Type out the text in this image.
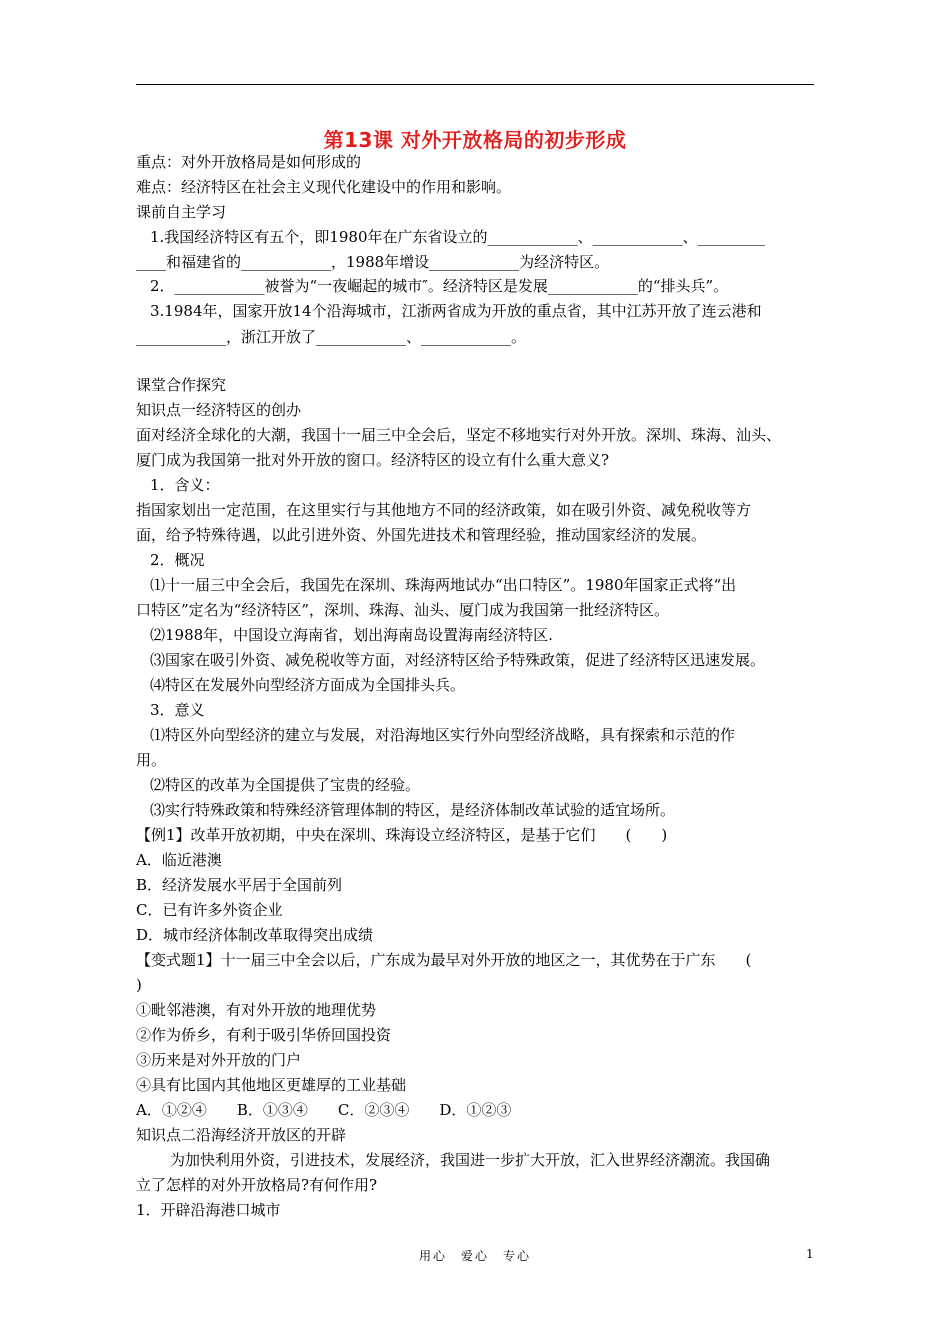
第13课 对外开放格局的初步形成
重点：对外开放格局是如何形成的
难点：经济特区在社会主义现代化建设中的作用和影响。
课前自主学习
1.我国经济特区有五个，即1980年在广东省设立的____________、____________、_________
____和福建省的____________，1988年增设____________为经济特区。
2．____________被誉为“一夜崛起的城市″。经济特区是发展____________的“排头兵”。
3.1984年，国家开放14个沿海城市，江浙两省成为开放的重点省，其中江苏开放了连云港和
____________，浙江开放了____________、____________。
课堂合作探究
知识点一经济特区的创办
面对经济全球化的大潮，我国十一届三中全会后，坚定不移地实行对外开放。深圳、珠海、汕头、
厦门成为我国第一批对外开放的窗口。经济特区的设立有什么重大意义?
1．含义：
指国家划出一定范围，在这里实行与其他地方不同的经济政策，如在吸引外资、减免税收等方
面，给予特殊待遇，以此引进外资、外国先进技术和管理经验，推动国家经济的发展。
2．概况
⑴十一届三中全会后，我国先在深圳、珠海两地试办“出口特区”。1980年国家正式将“出
口特区”定名为“经济特区”，深圳、珠海、汕头、厦门成为我国第一批经济特区。
⑵1988年，中国设立海南省，划出海南岛设置海南经济特区.
⑶国家在吸引外资、减免税收等方面，对经济特区给予特殊政策，促进了经济特区迅速发展。
⑷特区在发展外向型经济方面成为全国排头兵。
3．意义
⑴特区外向型经济的建立与发展，对沿海地区实行外向型经济战略，具有探索和示范的作
用。
⑵特区的改革为全国提供了宝贵的经验。
⑶实行特殊政策和特殊经济管理体制的特区，是经济体制改革试验的适宜场所。
【例1】改革开放初期，中央在深圳、珠海设立经济特区，是基于它们　　(　　)
A．临近港澳
B．经济发展水平居于全国前列
C．已有许多外资企业
D．城市经济体制改革取得突出成绩
【变式题1】十一届三中全会以后，广东成为最早对外开放的地区之一，其优势在于广东　　(
)
①毗邻港澳，有对外开放的地理优势
②作为侨乡，有利于吸引华侨回国投资
③历来是对外开放的门户
④具有比国内其他地区更雄厚的工业基础
A．①②④　　B．①③④　　C．②③④　　D．①②③
知识点二沿海经济开放区的开辟
为加快利用外资，引进技术，发展经济，我国进一步扩大开放，汇入世界经济潮流。我国确
立了怎样的对外开放格局?有何作用?
1．开辟沿海港口城市
用心　爱心　专心	1
